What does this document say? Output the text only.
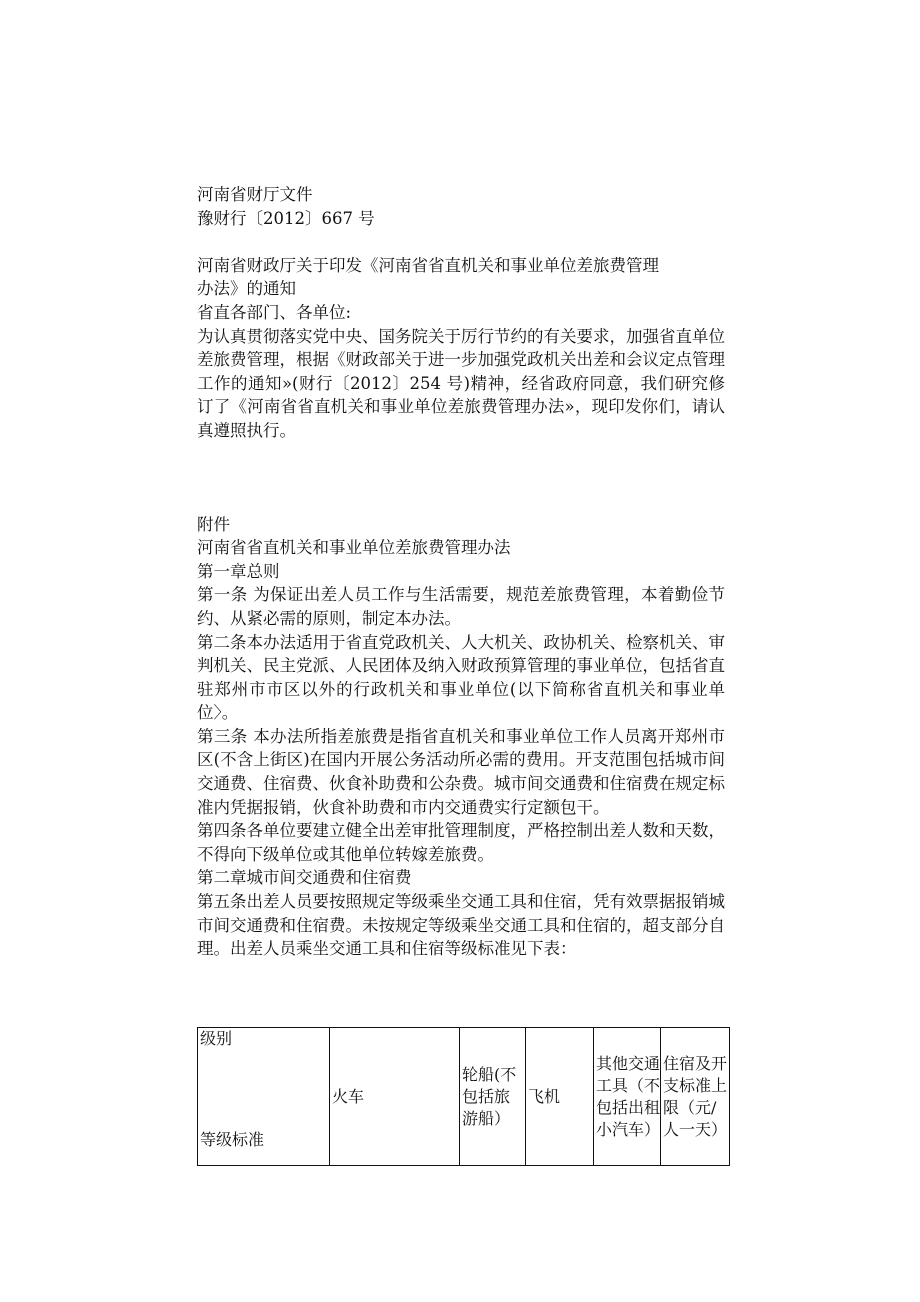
河南省财厅文件
豫财行〔2012〕667 号
河南省财政厅关于印发《河南省省直机关和事业单位差旅费管理
办法》的通知
省直各部门、各单位:
为认真贯彻落实党中央、国务院关于厉行节约的有关要求，加强省直单位差旅费管理，根据《财政部关于进一步加强党政机关出差和会议定点管理工作的通知»(财行〔2012〕254 号)精神，经省政府同意，我们研究修订了《河南省省直机关和事业单位差旅费管理办法»，现印发你们，请认真遵照执行。
附件
河南省省直机关和事业单位差旅费管理办法
第一章总则
第一条 为保证出差人员工作与生活需要，规范差旅费管理，本着勤俭节约、从紧必需的原则，制定本办法。
第二条本办法适用于省直党政机关、人大机关、政协机关、检察机关、审判机关、民主党派、人民团体及纳入财政预算管理的事业单位，包括省直驻郑州市市区以外的行政机关和事业单位(以下简称省直机关和事业单位〉。
第三条 本办法所指差旅费是指省直机关和事业单位工作人员离开郑州市区(不含上街区)在国内开展公务活动所必需的费用。开支范围包括城市间交通费、住宿费、伙食补助费和公杂费。城市间交通费和住宿费在规定标准内凭据报销，伙食补助费和市内交通费实行定额包干。
第四条各单位要建立健全出差审批管理制度，严格控制出差人数和天数，不得向下级单位或其他单位转嫁差旅费。
第二章城市间交通费和住宿费
第五条出差人员要按照规定等级乘坐交通工具和住宿，凭有效票据报销城市间交通费和住宿费。未按规定等级乘坐交通工具和住宿的，超支部分自理。出差人员乘坐交通工具和住宿等级标准见下表：
级别
等级标准
	火车	轮船(不包括旅游船）	飞机	其他交通工具（不包括出租小汽车）	住宿及开支标准上限（元/人一天）
